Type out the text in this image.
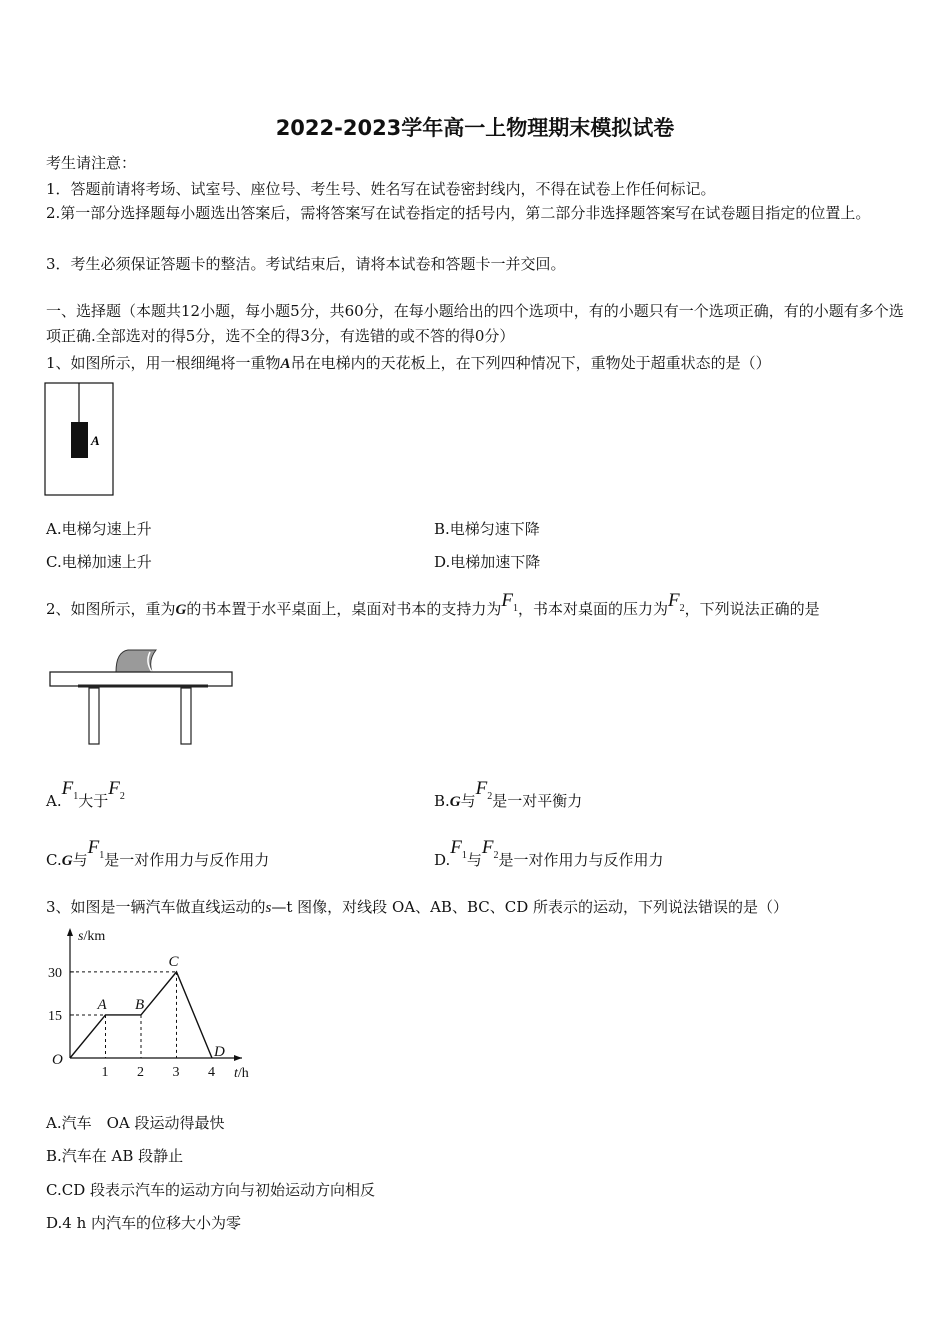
2022-2023学年高一上物理期末模拟试卷
考生请注意：
1．答题前请将考场、试室号、座位号、考生号、姓名写在试卷密封线内，不得在试卷上作任何标记。
2.第一部分选择题每小题选出答案后，需将答案写在试卷指定的括号内，第二部分非选择题答案写在试卷题目指定的位置上。
3．考生必须保证答题卡的整洁。考试结束后，请将本试卷和答题卡一并交回。
一、选择题（本题共12小题，每小题5分，共60分，在每小题给出的四个选项中，有的小题只有一个选项正确，有的小题有多个选项正确.全部选对的得5分，选不全的得3分，有选错的或不答的得0分）
1、如图所示，用一根细绳将一重物A吊在电梯内的天花板上，在下列四种情况下，重物处于超重状态的是（）
A
A.电梯匀速上升	B.电梯匀速下降
C.电梯加速上升	D.电梯加速下降
2、如图所示，重为G的书本置于水平桌面上，桌面对书本的支持力为$F_1$，书本对桌面的压力为$F_2$，下列说法正确的是
$A.F_1$大于$F_2$	B.G与$F_2$是一对平衡力
C.G与$F_1$是一对作用力与反作用力	$D.F_1$与$F_2$是一对作用力与反作用力
3、如图是一辆汽车做直线运动的s—t 图像，对线段 OA、AB、BC、CD 所表示的运动，下列说法错误的是（）
s/km
t/h
1 2 3 4
15
30
O
A B
C
D
A.汽车　OA 段运动得最快
B.汽车在 AB 段静止
C.CD 段表示汽车的运动方向与初始运动方向相反
D.4 h 内汽车的位移大小为零
